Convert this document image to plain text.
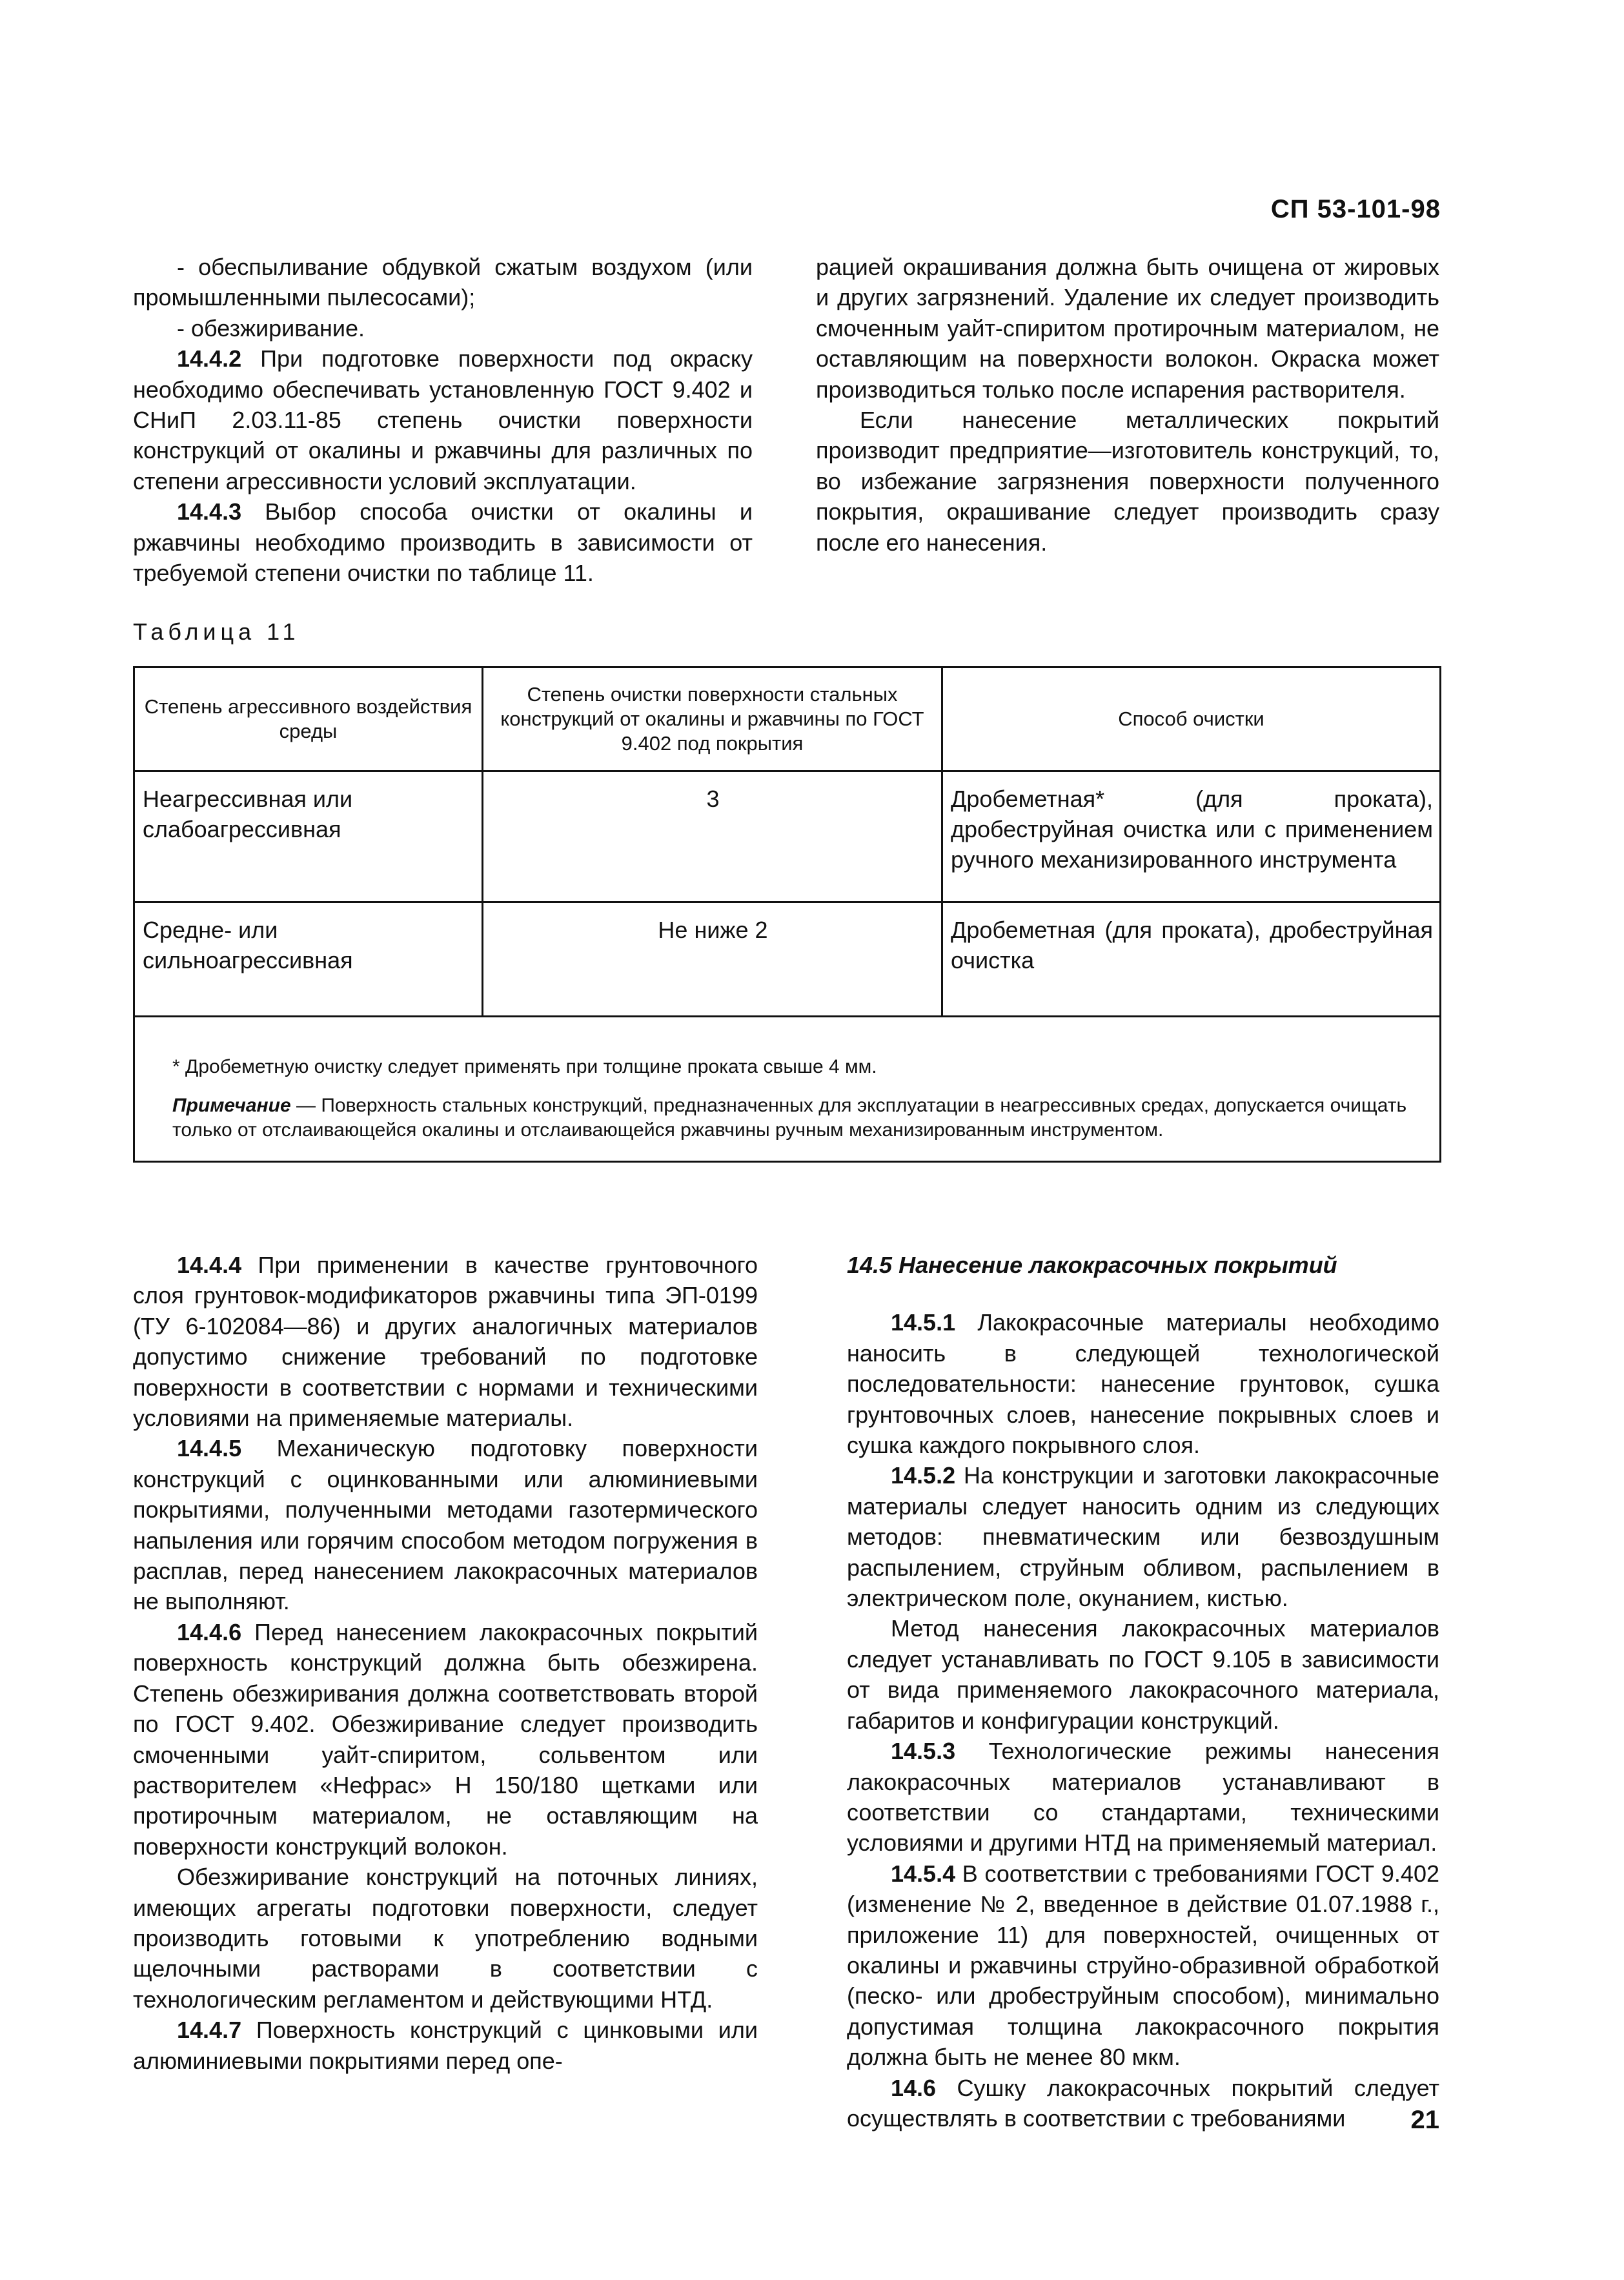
СП 53-101-98

- обеспыливание обдувкой сжатым воздухом (или промышленными пылесосами);

- обезжиривание.

14.4.2 При подготовке поверхности под окраску необходимо обеспечивать установленную ГОСТ 9.402 и СНиП 2.03.11-85 степень очистки поверхности конструкций от окалины и ржавчины для различных по степени агрессивности условий эксплуатации.

14.4.3 Выбор способа очистки от окалины и ржавчины необходимо производить в зависимости от требуемой степени очистки по таблице 11.

рацией окрашивания должна быть очищена от жировых и других загрязнений. Удаление их следует производить смоченным уайт-спиритом протирочным материалом, не оставляющим на поверхности волокон. Окраска может производиться только после испарения растворителя.

Если нанесение металлических покрытий производит предприятие—изготовитель конструкций, то, во избежание загрязнения поверхности полученного покрытия, окрашивание следует производить сразу после его нанесения.

Таблица 11
Степень агрессивного воздействия среды	Степень очистки поверхности стальных конструкций от окалины и ржавчины по ГОСТ 9.402 под покрытия	Способ очистки
Неагрессивная или слабоагрессивная	3	Дробеметная* (для проката), дробеструйная очистка или с применением ручного механизированного инструмента
Средне- или сильноагрессивная	Не ниже 2	Дробеметная (для проката), дробеструйная очистка

* Дробеметную очистку следует применять при толщине проката свыше 4 мм.

Примечание — Поверхность стальных конструкций, предназначенных для эксплуатации в неагрессивных средах, допускается очищать только от отслаивающейся окалины и отслаивающейся ржавчины ручным механизированным инструментом.		

14.4.4 При применении в качестве грунтовочного слоя грунтовок-модификаторов ржавчины типа ЭП-0199 (ТУ 6-102084—86) и других аналогичных материалов допустимо снижение требований по подготовке поверхности в соответствии с нормами и техническими условиями на применяемые материалы.

14.4.5 Механическую подготовку поверхности конструкций с оцинкованными или алюминиевыми покрытиями, полученными методами газотермического напыления или горячим способом методом погружения в расплав, перед нанесением лакокрасочных материалов не выполняют.

14.4.6 Перед нанесением лакокрасочных покрытий поверхность конструкций должна быть обезжирена. Степень обезжиривания должна соответствовать второй по ГОСТ 9.402. Обезжиривание следует производить смоченными уайт-спиритом, сольвентом или растворителем «Нефрас» Н 150/180 щетками или протирочным материалом, не оставляющим на поверхности конструкций волокон.

Обезжиривание конструкций на поточных линиях, имеющих агрегаты подготовки поверхности, следует производить готовыми к употреблению водными щелочными растворами в соответствии с технологическим регламентом и действующими НТД.

14.4.7 Поверхность конструкций с цинковыми или алюминиевыми покрытиями перед опе-

14.5 Нанесение лакокрасочных покрытий

14.5.1 Лакокрасочные материалы необходимо наносить в следующей технологической последовательности: нанесение грунтовок, сушка грунтовочных слоев, нанесение покрывных слоев и сушка каждого покрывного слоя.

14.5.2 На конструкции и заготовки лакокрасочные материалы следует наносить одним из следующих методов: пневматическим или безвоздушным распылением, струйным обливом, распылением в электрическом поле, окунанием, кистью.

Метод нанесения лакокрасочных материалов следует устанавливать по ГОСТ 9.105 в зависимости от вида применяемого лакокрасочного материала, габаритов и конфигурации конструкций.

14.5.3 Технологические режимы нанесения лакокрасочных материалов устанавливают в соответствии со стандартами, техническими условиями и другими НТД на применяемый материал.

14.5.4 В соответствии с требованиями ГОСТ 9.402 (изменение № 2, введенное в действие 01.07.1988 г., приложение 11) для поверхностей, очищенных от окалины и ржавчины струйно-образивной обработкой (песко- или дробеструйным способом), минимально допустимая толщина лакокрасочного покрытия должна быть не менее 80 мкм.

14.6 Сушку лакокрасочных покрытий следует осуществлять в соответствии с требованиями	21
